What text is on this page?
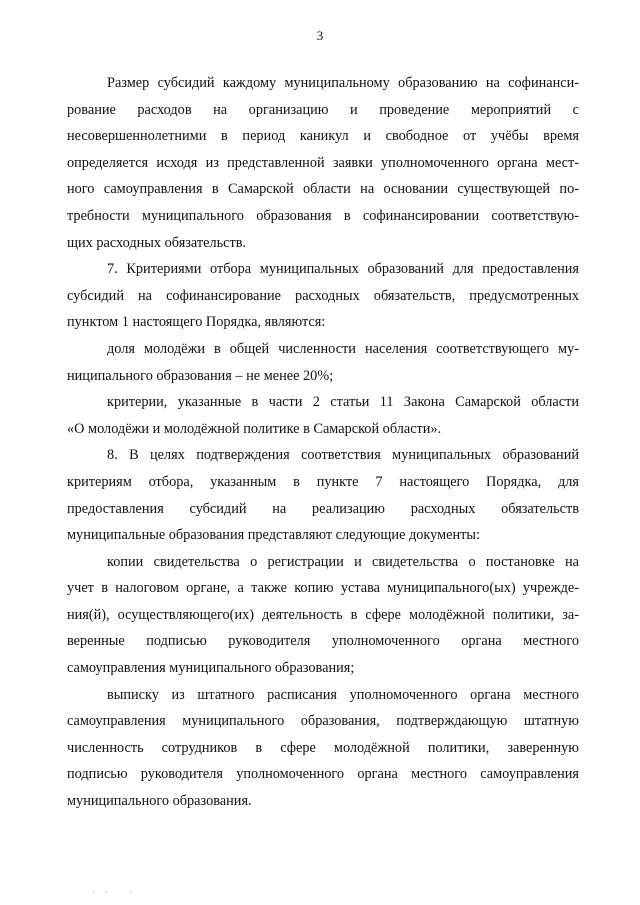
3

Размер субсидий каждому муниципальному образованию на софинанси-
рование расходов на организацию и проведение мероприятий с
несовершеннолетними в период каникул и свободное от учёбы время
определяется исходя из представленной заявки уполномоченного органа мест-
ного самоуправления в Самарской области на основании существующей по-
требности муниципального образования в софинансировании соответствую-
щих расходных обязательств.

7. Критериями отбора муниципальных образований для предоставления
субсидий на софинансирование расходных обязательств, предусмотренных
пунктом 1 настоящего Порядка, являются:

доля молодёжи в общей численности населения соответствующего му-
ниципального образования – не менее 20%;

критерии, указанные в части 2 статьи 11 Закона Самарской области
«О молодёжи и молодёжной политике в Самарской области».

8. В целях подтверждения соответствия муниципальных образований
критериям отбора, указанным в пункте 7 настоящего Порядка, для
предоставления субсидий на реализацию расходных обязательств
муниципальные образования представляют следующие документы:

копии свидетельства о регистрации и свидетельства о постановке на
учет в налоговом органе, а также копию устава муниципального(ых) учрежде-
ния(й), осуществляющего(их) деятельность в сфере молодёжной политики, за-
веренные подписью руководителя уполномоченного органа местного
самоуправления муниципального образования;

выписку из штатного расписания уполномоченного органа местного
самоуправления муниципального образования, подтверждающую штатную
численность сотрудников в сфере молодёжной политики, заверенную
подписью руководителя уполномоченного органа местного самоуправления
муниципального образования.

·· ·
